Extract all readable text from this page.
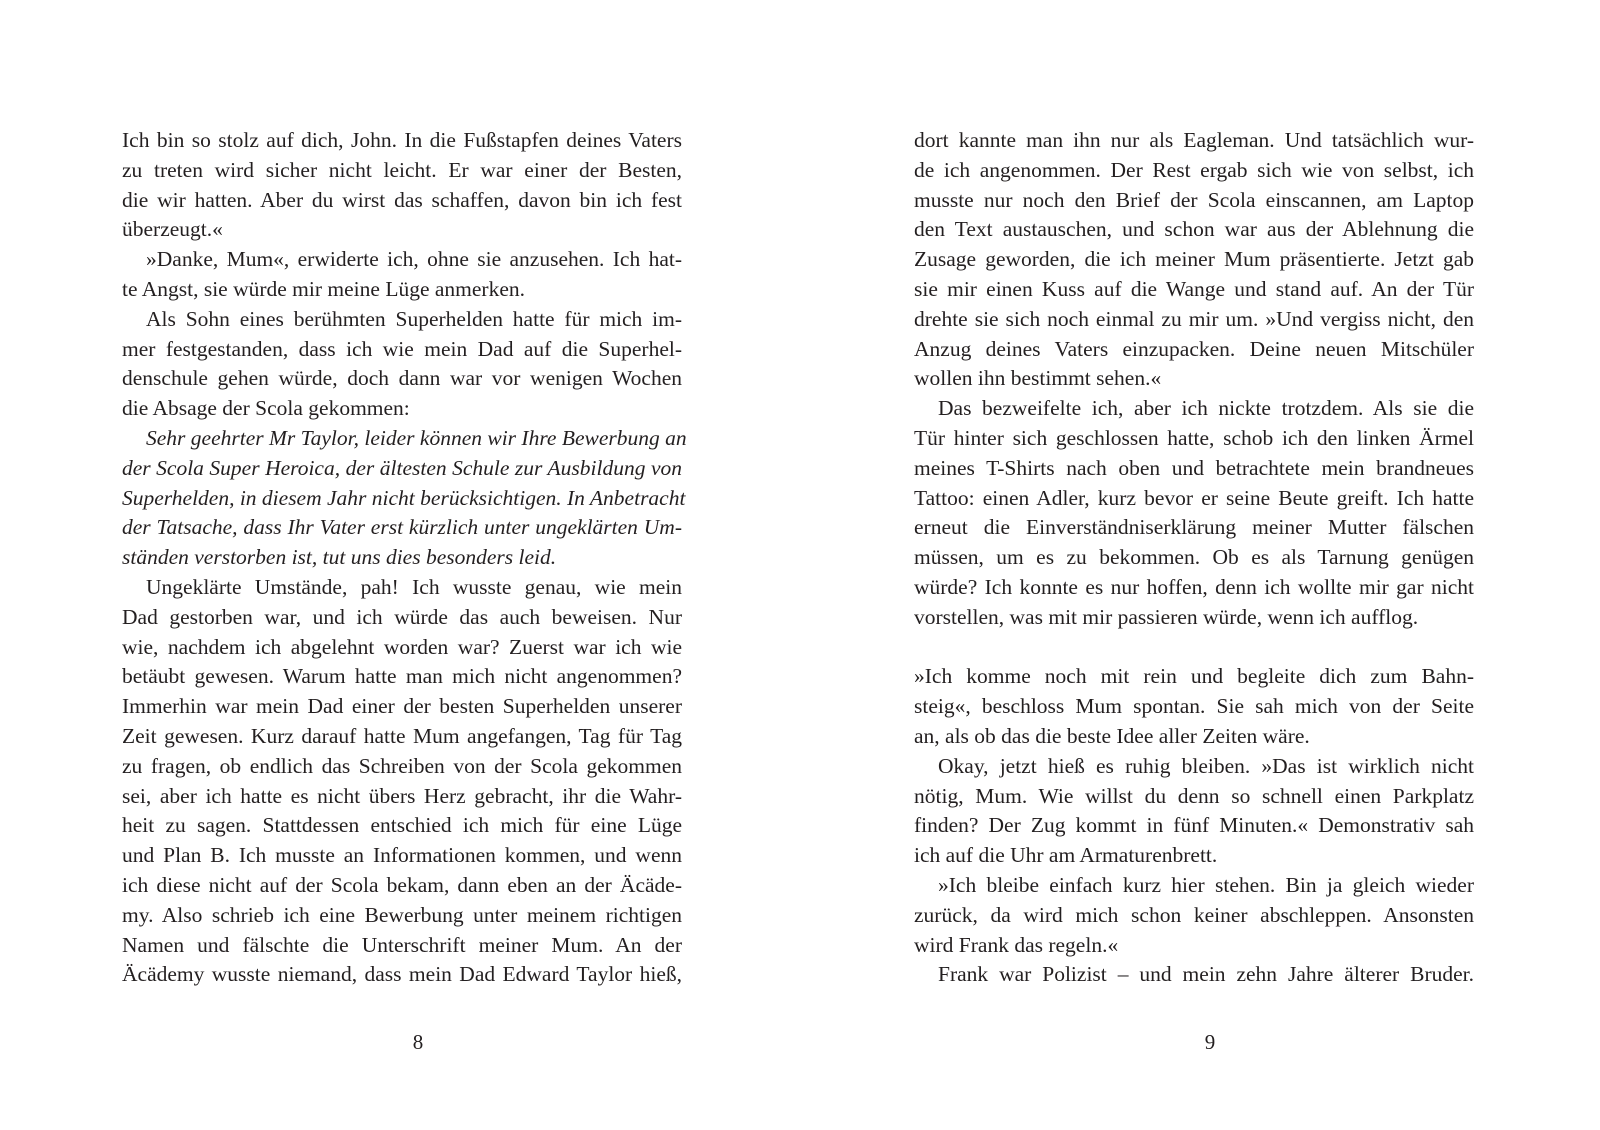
Ich bin so stolz auf dich, John. In die Fußstapfen deines Vaters
zu treten wird sicher nicht leicht. Er war einer der Besten,
die wir hatten. Aber du wirst das schaffen, davon bin ich fest
überzeugt.«
»Danke, Mum«, erwiderte ich, ohne sie anzusehen. Ich hat-
te Angst, sie würde mir meine Lüge anmerken.
Als Sohn eines berühmten Superhelden hatte für mich im-
mer festgestanden, dass ich wie mein Dad auf die Superhel-
denschule gehen würde, doch dann war vor wenigen Wochen
die Absage der Scola gekommen:
Sehr geehrter Mr Taylor, leider können wir Ihre Bewerbung an
der Scola Super Heroica, der ältesten Schule zur Ausbildung von
Superhelden, in diesem Jahr nicht berücksichtigen. In Anbetracht
der Tatsache, dass Ihr Vater erst kürzlich unter ungeklärten Um-
ständen verstorben ist, tut uns dies besonders leid.
Ungeklärte Umstände, pah! Ich wusste genau, wie mein
Dad gestorben war, und ich würde das auch beweisen. Nur
wie, nachdem ich abgelehnt worden war? Zuerst war ich wie
betäubt gewesen. Warum hatte man mich nicht angenommen?
Immerhin war mein Dad einer der besten Superhelden unserer
Zeit gewesen. Kurz darauf hatte Mum angefangen, Tag für Tag
zu fragen, ob endlich das Schreiben von der Scola gekommen
sei, aber ich hatte es nicht übers Herz gebracht, ihr die Wahr-
heit zu sagen. Stattdessen entschied ich mich für eine Lüge
und Plan B. Ich musste an Informationen kommen, und wenn
ich diese nicht auf der Scola bekam, dann eben an der Äcäde-
my. Also schrieb ich eine Bewerbung unter meinem richtigen
Namen und fälschte die Unterschrift meiner Mum. An der
Äcädemy wusste niemand, dass mein Dad Edward Taylor hieß,
8
dort kannte man ihn nur als Eagleman. Und tatsächlich wur-
de ich angenommen. Der Rest ergab sich wie von selbst, ich
musste nur noch den Brief der Scola einscannen, am Laptop
den Text austauschen, und schon war aus der Ablehnung die
Zusage geworden, die ich meiner Mum präsentierte. Jetzt gab
sie mir einen Kuss auf die Wange und stand auf. An der Tür
drehte sie sich noch einmal zu mir um. »Und vergiss nicht, den
Anzug deines Vaters einzupacken. Deine neuen Mitschüler
wollen ihn bestimmt sehen.«
Das bezweifelte ich, aber ich nickte trotzdem. Als sie die
Tür hinter sich geschlossen hatte, schob ich den linken Ärmel
meines T-Shirts nach oben und betrachtete mein brandneues
Tattoo: einen Adler, kurz bevor er seine Beute greift. Ich hatte
erneut die Einverständniserklärung meiner Mutter fälschen
müssen, um es zu bekommen. Ob es als Tarnung genügen
würde? Ich konnte es nur hoffen, denn ich wollte mir gar nicht
vorstellen, was mit mir passieren würde, wenn ich aufflog.
»Ich komme noch mit rein und begleite dich zum Bahn-
steig«, beschloss Mum spontan. Sie sah mich von der Seite
an, als ob das die beste Idee aller Zeiten wäre.
Okay, jetzt hieß es ruhig bleiben. »Das ist wirklich nicht
nötig, Mum. Wie willst du denn so schnell einen Parkplatz
finden? Der Zug kommt in fünf Minuten.« Demonstrativ sah
ich auf die Uhr am Armaturenbrett.
»Ich bleibe einfach kurz hier stehen. Bin ja gleich wieder
zurück, da wird mich schon keiner abschleppen. Ansonsten
wird Frank das regeln.«
Frank war Polizist – und mein zehn Jahre älterer Bruder.
9
